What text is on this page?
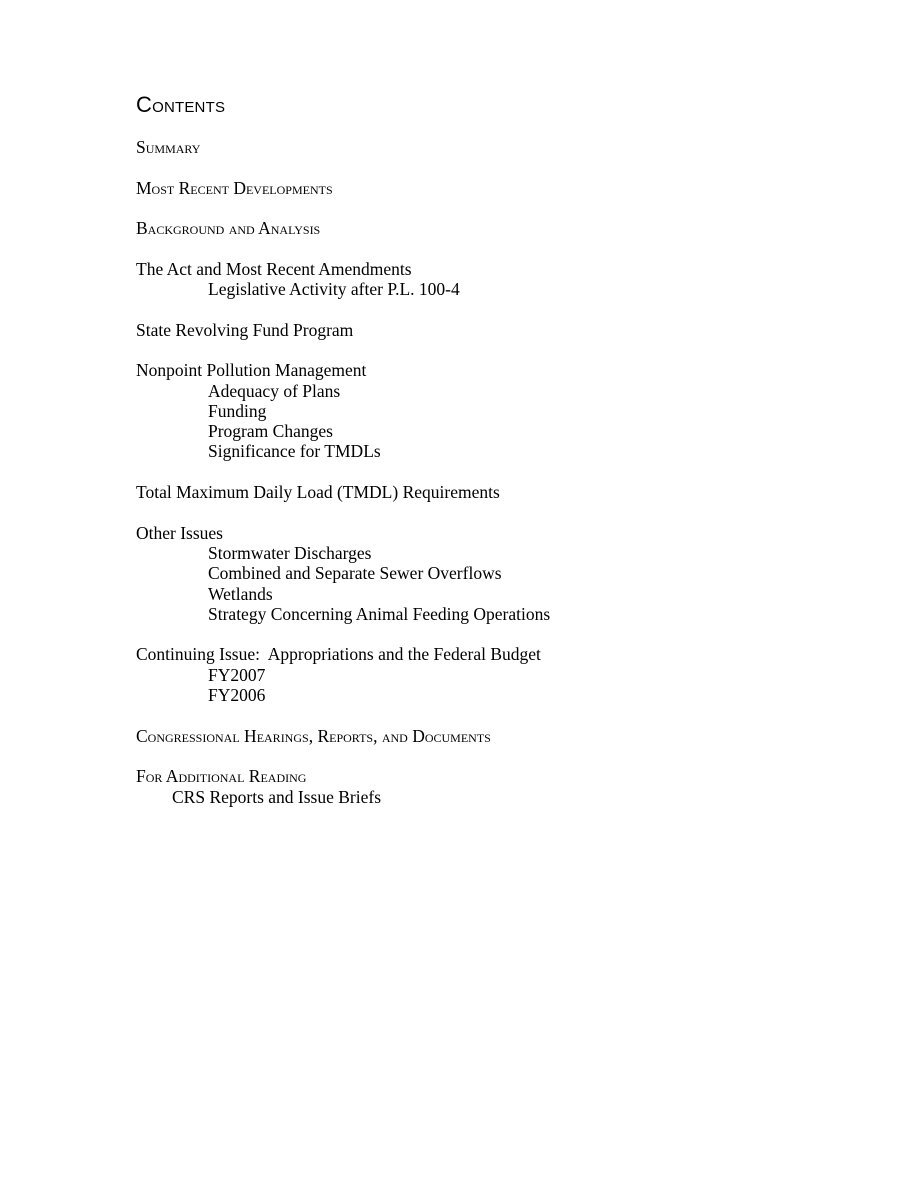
Contents
Summary
Most Recent Developments
Background and Analysis
The Act and Most Recent Amendments
Legislative Activity after P.L. 100-4
State Revolving Fund Program
Nonpoint Pollution Management
Adequacy of Plans
Funding
Program Changes
Significance for TMDLs
Total Maximum Daily Load (TMDL) Requirements
Other Issues
Stormwater Discharges
Combined and Separate Sewer Overflows
Wetlands
Strategy Concerning Animal Feeding Operations
Continuing Issue:  Appropriations and the Federal Budget
FY2007
FY2006
Congressional Hearings, Reports, and Documents
For Additional Reading
CRS Reports and Issue Briefs
